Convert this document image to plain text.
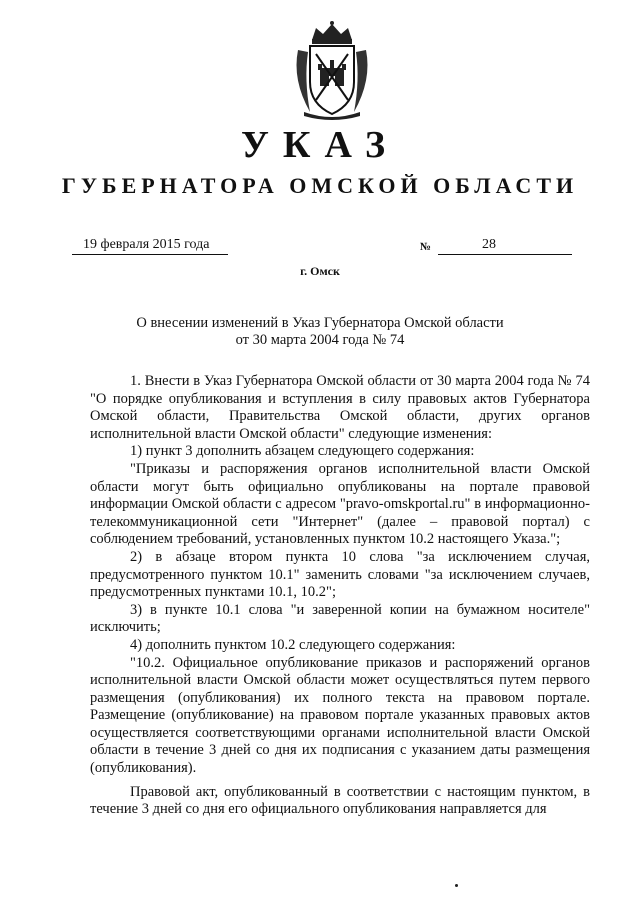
УКАЗ
ГУБЕРНАТОРА ОМСКОЙ ОБЛАСТИ
19 февраля 2015 года	№	28
г. Омск
О внесении изменений в Указ Губернатора Омской области
от 30 марта 2004 года № 74

1. Внести в Указ Губернатора Омской области от 30 марта 2004 года № 74 "О порядке опубликования и вступления в силу правовых актов Губернатора Омской области, Правительства Омской области, других органов исполнительной власти Омской области" следующие изменения:

1) пункт 3 дополнить абзацем следующего содержания:

"Приказы и распоряжения органов исполнительной власти Омской области могут быть официально опубликованы на портале правовой информации Омской области с адресом "pravo-omskportal.ru" в информационно-телекоммуникационной сети "Интернет" (далее – правовой портал) с соблюдением требований, установленных пунктом 10.2 настоящего Указа.";

2) в абзаце втором пункта 10 слова "за исключением случая, предусмотренного пунктом 10.1" заменить словами "за исключением случаев, предусмотренных пунктами 10.1, 10.2";

3) в пункте 10.1 слова "и заверенной копии на бумажном носителе" исключить;

4) дополнить пунктом 10.2 следующего содержания:

"10.2. Официальное опубликование приказов и распоряжений органов исполнительной власти Омской области может осуществляться путем первого размещения (опубликования) их полного текста на правовом портале. Размещение (опубликование) на правовом портале указанных правовых актов осуществляется соответствующими органами исполнительной власти Омской области в течение 3 дней со дня их подписания с указанием даты размещения (опубликования).

Правовой акт, опубликованный в соответствии с настоящим пунктом, в течение 3 дней со дня его официального опубликования направляется для
